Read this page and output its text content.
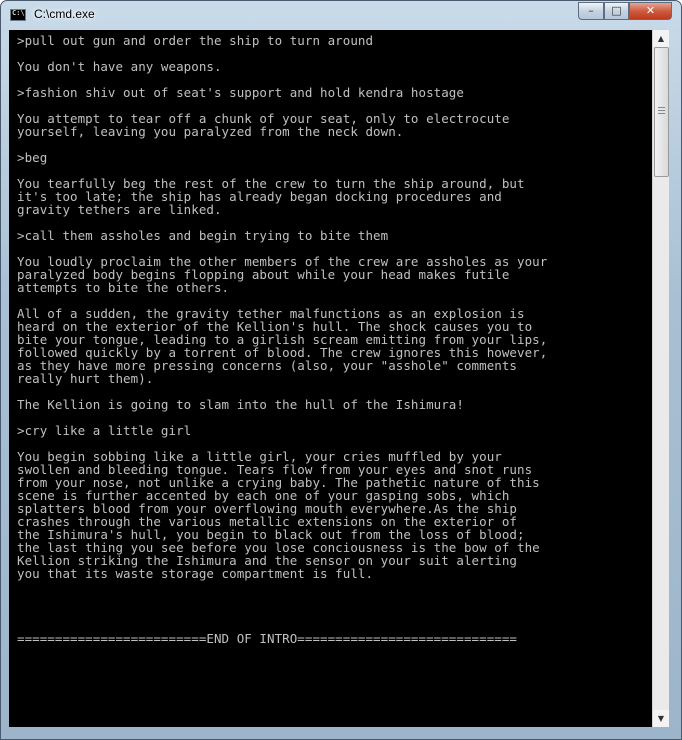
C:\
C:\cmd.exe	–	□	✕
>pull out gun and order the ship to turn around
You don't have any weapons.
>fashion shiv out of seat's support and hold kendra hostage
You attempt to tear off a chunk of your seat, only to electrocute
yourself, leaving you paralyzed from the neck down.
>beg
You tearfully beg the rest of the crew to turn the ship around, but
it's too late; the ship has already began docking procedures and
gravity tethers are linked.
>call them assholes and begin trying to bite them
You loudly proclaim the other members of the crew are assholes as your
paralyzed body begins flopping about while your head makes futile
attempts to bite the others.
All of a sudden, the gravity tether malfunctions as an explosion is
heard on the exterior of the Kellion's hull. The shock causes you to
bite your tongue, leading to a girlish scream emitting from your lips,
followed quickly by a torrent of blood. The crew ignores this however,
as they have more pressing concerns (also, your "asshole" comments
really hurt them).
The Kellion is going to slam into the hull of the Ishimura!
>cry like a little girl
You begin sobbing like a little girl, your cries muffled by your
swollen and bleeding tongue. Tears flow from your eyes and snot runs
from your nose, not unlike a crying baby. The pathetic nature of this
scene is further accented by each one of your gasping sobs, which
splatters blood from your overflowing mouth everywhere.As the ship
crashes through the various metallic extensions on the exterior of
the Ishimura's hull, you begin to black out from the loss of blood;
the last thing you see before you lose conciousness is the bow of the
Kellion striking the Ishimura and the sensor on your suit alerting
you that its waste storage compartment is full.
=========================END OF INTRO=============================
▲
▼
